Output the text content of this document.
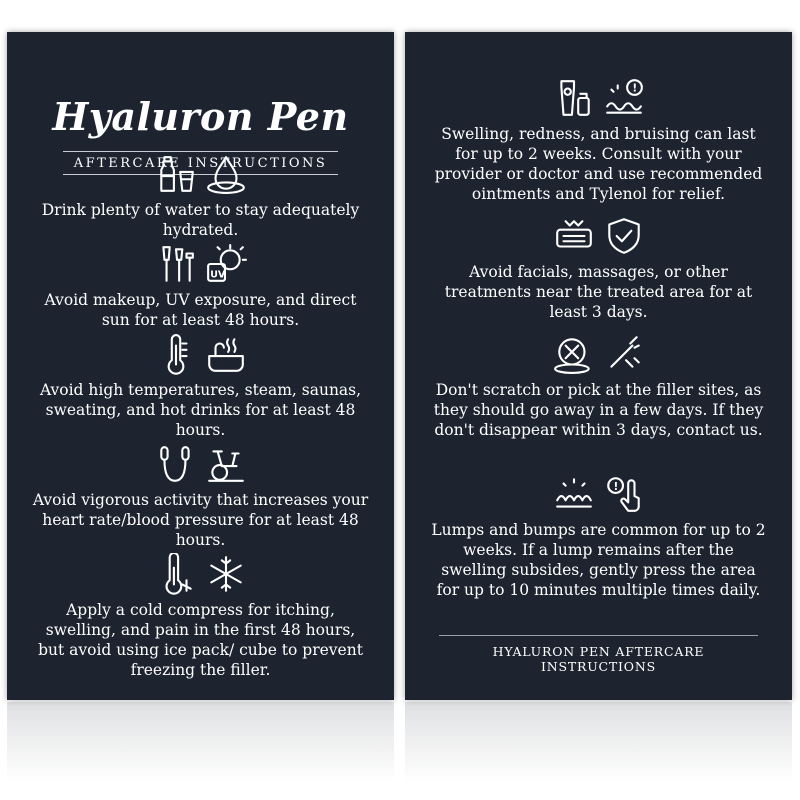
Hyaluron Pen
AFTERCARE INSTRUCTIONS
Drink plenty of water to stay adequately hydrated.
UV
Avoid makeup, UV exposure, and direct sun for at least 48 hours.
Avoid high temperatures, steam, saunas, sweating, and hot drinks for at least 48 hours.
Avoid vigorous activity that increases your heart rate/blood pressure for at least 48 hours.
Apply a cold compress for itching, swelling, and pain in the first 48 hours, but avoid using ice pack/ cube to prevent freezing the filler.
!
Swelling, redness, and bruising can last for up to 2 weeks. Consult with your provider or doctor and use recommended ointments and Tylenol for relief.
Avoid facials, massages, or other treatments near the treated area for at least 3 days.
Don't scratch or pick at the filler sites, as they should go away in a few days. If they don't disappear within 3 days, contact us.
!
Lumps and bumps are common for up to 2 weeks. If a lump remains after the swelling subsides, gently press the area for up to 10 minutes multiple times daily.
HYALURON PEN AFTERCARE INSTRUCTIONS
